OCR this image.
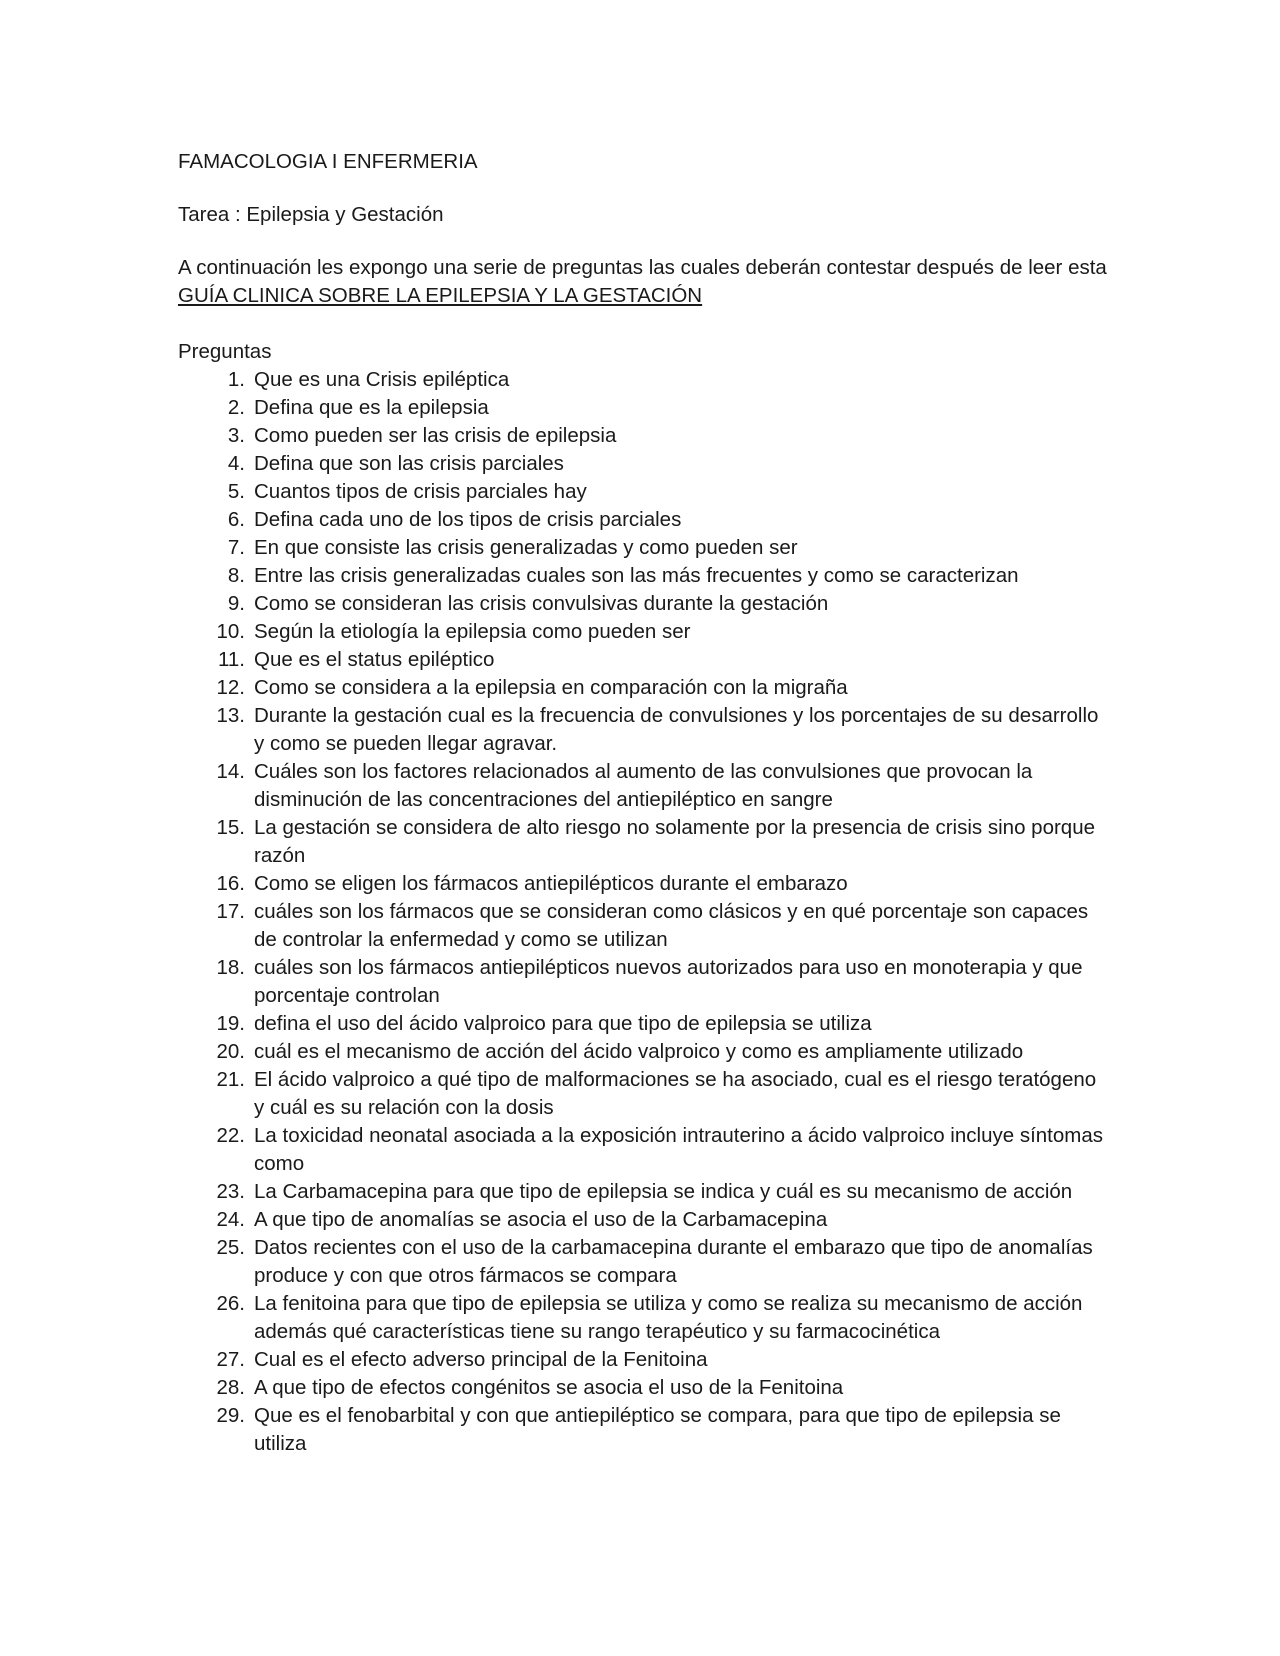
FAMACOLOGIA I ENFERMERIA

Tarea : Epilepsia y Gestación

A continuación les expongo una serie de preguntas las cuales deberán contestar después de leer esta GUÍA CLINICA SOBRE LA EPILEPSIA Y LA GESTACIÓN

Preguntas

1. Que es una Crisis epiléptica
2. Defina que es la epilepsia
3. Como pueden ser las crisis de epilepsia
4. Defina que son las crisis parciales
5. Cuantos tipos de crisis parciales hay
6. Defina cada uno de los tipos de crisis parciales
7. En que consiste las crisis generalizadas y como pueden ser
8. Entre las crisis generalizadas cuales son las más frecuentes y como se caracterizan
9. Como se consideran las crisis convulsivas durante la gestación
10. Según la etiología la epilepsia como pueden ser
11. Que es el status epiléptico
12. Como se considera a la epilepsia en comparación con la migraña
13. Durante la gestación cual es la frecuencia de convulsiones y los porcentajes de su desarrollo y como se pueden llegar agravar.
14. Cuáles son los factores relacionados al aumento de las convulsiones que provocan la disminución de las concentraciones del antiepiléptico en sangre
15. La gestación se considera de alto riesgo no solamente por la presencia de crisis sino porque razón
16. Como se eligen los fármacos antiepilépticos durante el embarazo
17. cuáles son los fármacos que se consideran como clásicos y en qué porcentaje son capaces de controlar la enfermedad y como se utilizan
18. cuáles son los fármacos antiepilépticos nuevos autorizados para uso en monoterapia y que porcentaje controlan
19. defina el uso del ácido valproico para que tipo de epilepsia se utiliza
20. cuál es el mecanismo de acción del ácido valproico y como es ampliamente utilizado
21. El ácido valproico a qué tipo de malformaciones se ha asociado, cual es el riesgo teratógeno y cuál es su relación con la dosis
22. La toxicidad neonatal asociada a la exposición intrauterino a ácido valproico incluye síntomas como
23. La Carbamacepina para que tipo de epilepsia se indica y cuál es su mecanismo de acción
24. A que tipo de anomalías se asocia el uso de la Carbamacepina
25. Datos recientes con el uso de la carbamacepina durante el embarazo que tipo de anomalías produce y con que otros fármacos se compara
26. La fenitoina para que tipo de epilepsia se utiliza y como se realiza su mecanismo de acción además qué características tiene su rango terapéutico y su farmacocinética
27. Cual es el efecto adverso principal de la Fenitoina
28. A que tipo de efectos congénitos se asocia el uso de la Fenitoina
29. Que es el fenobarbital y con que antiepiléptico se compara, para que tipo de epilepsia se utiliza
